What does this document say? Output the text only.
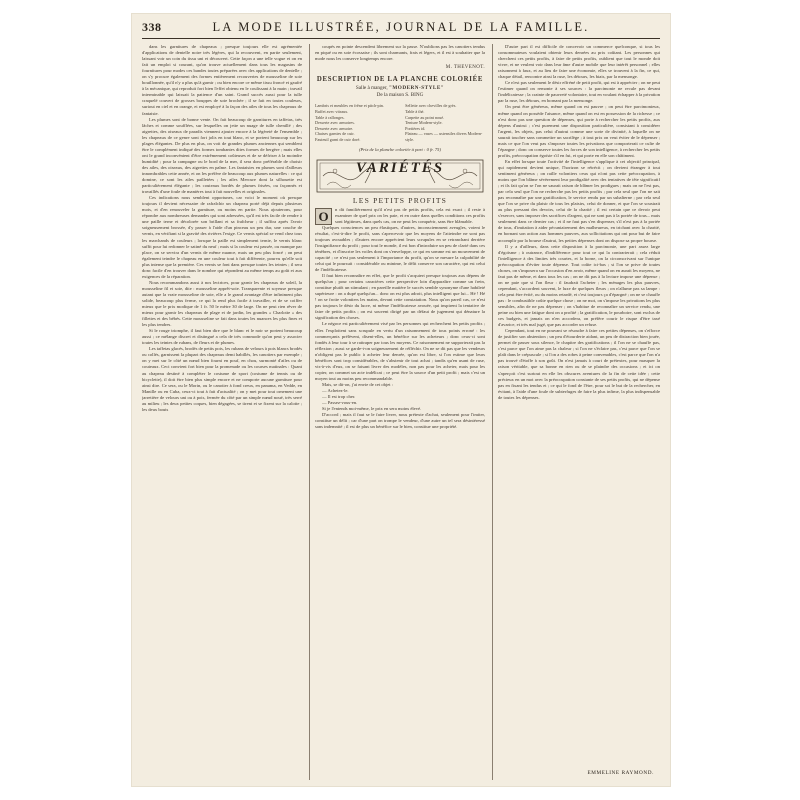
338	LA MODE ILLUSTRÉE, JOURNAL DE LA FAMILLE.

dans les garnitures de chapeaux ; presque toujours elle est agrémentée d'applications de dentelle noire très légères, qui la recouvrent, en partie seulement, laissant voir un coin du tissu uni et découvert. Cette façon a une telle vogue et on en fait un emploi si courant, qu'on trouve actuellement dans tous les magasins de fournitures pour modes ces bandes toutes préparées avec des applications de dentelle ; on s'y procure également des formes entièrement recouvertes de mousseline de soie bouillonnée, qu'il n'y a plus qu'à garnir ; ou bien encore ce même tissu froncé et gaufré à la mécanique, qui reproduit fort bien l'effet obtenu en le coulissant à la main ; travail interminable qui laissait la patience d'un saint. Grand succès aussi pour la tulle craquelé couvert de grosses bouppes de soie brochée ; il se fait en toutes couleurs, surtout en ciel et en orange, et est employé à la façon des ailes de tous les chapeaux de fantaisie.

Les plumes sont de bonne vente. On fait beaucoup de garnitures en taffetas, très lâches et comme soufflées, sur lesquelles on jette un nuage de tulle chenillé ; des aigrettes, des oiseaux de paradis viennent ajouter encore à la légèreté de l'ensemble ; les chapeaux de ce genre sont fort jolis en tout blanc, et se portent beaucoup sur les plages élégantes. De plus en plus, on voit de grandes plumes anciennes qui semblent être le complément indiqué des formes tombantes dites formes de bergère ; mais elles ont le grand inconvénient d'être extrêmement coûteuses et de se défriser à la moindre humidité ; pour la campagne ou le bord de la mer, il sera donc préférable de choisir des ailes, des oiseaux, des aigrettes en palme. Les fantaisies en plumes sont d'ailleurs innombrables cette année, et on les préfère de beaucoup aux plumes naturelles : ce qui domine, ce sont les ailes pailletées ; les ailes Mercure dont la silhouette est particulièrement élégante ; les couteaux bordés de plumes frisées, ou façonnés et travaillés d'une foule de manières tout à fait nouvelles et originales.

Ces indications nous semblent opportunes, car voici le moment où presque toujours il devient nécessaire de rafraîchir un chapeau porté déjà depuis plusieurs mois, et d'en renouveler la garniture, ou moins en partie. Nous ajouterons, pour répondre aux nombreuses demandes qui sont adressées, qu'il est très facile de rendre à une paille terne et décolorée son brillant et sa fraîcheur ; il suffira après l'avoir soigneusement brossée, d'y passer à l'aide d'un pinceau un peu dur, une couche de vernis, en vérifiant si la gravité des rivières l'exige. Ce vernis spécial se vend chez tous les marchands de couleurs ; lorsque la paille est simplement ternie, le vernis blanc suffit pour lui redonner le satiné du neuf ; mais si la couleur est passée, ou manque par place, on se servira d'un vernis de même nuance, mais un peu plus foncé ; on peut également teindre le chapeau en une couleur tout à fait différente, pourvu qu'elle soit plus intense que la première. Ces vernis se font dans presque toutes les teintes ; il sera donc facile d'en trouver dans le nombre qui répondent au même temps au goût et aux exigences de la réparation.

Nous recommandons aussi à nos lectrices, pour garnir les chapeaux de soleil, la mousseline fil et soie, dite : mousseline apprêt-soie. Transparente et soyeuse presque autant que la vraie mousseline de soie, elle a le grand avantage d'être infiniment plus solide, beaucoup plus ferme, ce qui la rend plus facile à travailler, et de se coiffer mieux que le prix modique de 1 fr. 50 le mètre 30 de large. On ne peut rien rêver de mieux pour garnir les chapeaux de plage et de jardin, les grandes « Charlotte » des fillettes et des bébés. Cette mousseline se fait dans toutes les nuances les plus fines et les plus tendres.

Si le rouge triomphe, il faut bien dire que le blanc et le noir se portent beaucoup aussi ; ce mélange discret et distingué a cela de très commode qu'on peut y associer toutes les teintes de rubans, de fleurs et de plumes.

Les taffetas glacés, brodés de petits pois, les rubans de velours à pois blancs brodés ou collés, garnissent la plupart des chapeaux demi habillés, les canotiers par exemple ; on y met sur le côté un nœud bien fourni en pouf, en chou, surmonté d'ailes ou de couteaux. Ceci convient fort bien pour la promenade ou les courses matinales : Quant au chapeau destiné à compléter le costume de sport (costume de tennis ou de bicyclette), il doit être bien plus simple encore et ne comporte aucune garniture pour ainsi dire. Ce sera, ou le Morin, ou le canotier à fond creux, en panama, en Vedde, en Manille ou en Cuba, ceux-ci tout à fait d'actualité ; on y met pour tout ornement une jarretière de velours uni ou à pois, fermée du côté par un simple nœud noué, très serré au milieu ; les deux petites coques, bien dégagées, se tirent et se fixent sur la calotte ; les deux bouts

coupés en pointe descendent librement sur la passe. N'oublions pas les canotiers tendus en piqué ou en soie écossaise ; ils sont charmants, frais et légers, et il est à souhaiter que la mode nous les conserve longtemps encore.

M. THEVENOT.
DESCRIPTION DE LA PLANCHE COLORIÉE
Salle à manger, "MODERN-STYLE"
De la maison S. BING
Lambris et meubles en frêne et pitch-pin.
Buffet avec vitraux.
Table à rallonges.
Desserte avec armoires.
Desserte avec armoire.
Chaises garnies de cuir.
Fauteuil garni de cuir doré.
Sellette avec chevilles de grès.
Table à thé.
Carpette au point noué.
Tenture Modern-style.
Portières id.
Plateau — vases — ustensiles divers Modern-style.
(Prix de la planche coloriée à part : 0 fr. 75)
VARIÉTÉS
LES PETITS PROFITS
O	n dit familièrement qu'il n'est pas de petits profits, cela est exact ; il reste à examiner de quel prix on les paie, et en outre dans quelles conditions ces profits sont légitimes, dans quels cas, on ne peut les conquérir, sans être blâmable.

Quelques consciences un peu élastiques, d'autres, inconsciemment aveugles, voient le résultat, c'est-à-dire le profit, sans s'apercevoir que les moyens de l'atteindre ne sont pas toujours avouables ; d'autres encore apprécient leurs scrupules en se retranchant derrière l'insignifiance du profit ; pour tout le monde, il est bon d'introduire un peu de clarté dans ces ténèbres, et d'inscrire les voiles dont on s'enveloppe, ce qui en somme est un mouvement de capacité ; ce n'est pas seulement à l'importance du profit, qu'on se mesure la culpabilité de celui qui le poursuit : considérable ou minime, le délit conserve son caractère, qui est celui de l'indélicatesse.

Il faut bien reconnaître en effet, que le profit s'acquiert presque toujours aux dépens de quelqu'un ; pour certains caractères cette perspective loin d'apparaître comme un frein, constitue plutôt un stimulant ; en pareille matière le succès semble synonyme d'une habileté supérieure : on a dupé quelqu'un... donc on est plus adroit, plus intelligent que lui... Hé ! Hé ! on se frotte volontiers les mains, devant cette constatation. Nous qu'on pareil cas, ce n'est pas toujours le désir du lucre, ni même l'indélicatesse avouée, qui inspirent la tentative de faire de petits profits ; on est souvent dirigé par un défaut de jugement qui dénature la signification des choses.

Le négoce est particulièrement visé par les personnes qui recherchent les petits profits ; elles l'exploitent sans scrupule en vertu d'un raisonnement de tous points erroné : les commerçants prélèvent, disent-elles, un bénéfice sur les acheteurs ; donc ceux-ci sont fondés à leur tour à se rattraper par tous les moyens. Ce raisonnement ne supporterait pas la réflexion ; aussi se garde-t-on soigneusement de réfléchir. On ne se dit pas que les vendeurs n'obligent pas le public à acheter leur denrée, qu'on est libre, si l'on estime que leurs bénéfices sont trop considérables, de s'abstenir de tout achat ; tandis qu'en usant de ruse, vis-à-vis d'eux, on se faisant livrer des modèles, non pas pour les acheter, mais pour les copier, on commet un acte indélicat ; ce peut être la source d'un petit profit ; mais c'est un moyen tout au moins peu recommandable.

Mais, se dit-on, j'ai envie de cet objet :

— Achetez-le.

— Il est trop cher.

— Passez-vous-en.

Si je l'entends moi-même, le prix en sera moins élevé.

D'accord ; mais il faut se le faire livrer, nous prétexte d'achat, seulement pour l'imiter, constitue un délit ; car d'une part on trompe le vendeur, d'une autre un tel sera désintéressé sans indemnité ; il est de plus un bénéfice sur le bien, constitue une propriété.

D'autre part il est difficile de concevoir un commerce quelconque, si tous les consommateurs voulaient obtenir leurs denrées au prix coûtant. Les personnes qui cherchent ces petits profits, à faire de petits profits, oublient que tout le monde doit vivre, et ne veulent voir dans leur âme d'autre mobile que leur intérêt personnel ; elles raisonnent à faux, et au lieu de faire une économie, elles se trouvent à la fin, ce qui, chaque détail, rencontre ainsi la ruse, les détours, les biais, par la mensonge.

Ce n'est pas seulement le désir effréné de petit profit, qui est à apprécier ; on ne peut l'estimer quand on remonte à ses sources : la parcimonie ne recule pas devant l'indélicatesse ; la crainte de pauvreté volontaire, tout en voulant échapper à la privation par la ruse, les détours, en bornant par la mensonge.

On peut être généreux, même quand on est pauvre ; on peut être parcimonieux, même quand on possède l'aisance, même quand on est en possession de la richesse ; ce n'est donc pas une question de dépenses, qui porte à rechercher les petits profits, aux dépens d'autrui ; c'est purement une disposition particulière, consistant à considérer l'argent, les objets, pas celui d'autrui comme une sorte de divinité, à laquelle on ne saurait toucher sans commettre un sacrilège ; à tout prix on veut éviter de le dépenser ; mais ce que l'on veut pas s'imposer toutes les privations que comporterait ce culte de l'épargne ; donc on conserve toutes les forces de son intelligence, à rechercher les petits profits, préoccupation égoïste s'il en fut, et qui porte en elle son châtiment.

En effet lorsque toute l'activité de l'intelligence s'applique à cet objectif principal, qui rapidement devient unique, l'horizon se rétrécit ; on devient étranger à tout sentiment généreux ; on raille volontiers ceux qui n'ont pas cette préoccupation, à moins que l'on blâme sévèrement leur prodigalité avec des tentatives de tête significatif ; et ils fait qu'on se l'on ne saurait raison de blâmer les prodigues ; mais on ne l'est pas, par cela seul que l'on ne recherche pas les petits profits ; par cela seul que l'on ne sait pas reconnaître par une gratification, le service rendu par un subalterne ; par cela seul que l'on se prive du plaisir de tous les plaisirs, celui de donner, et que l'on se soustrait au plus pressant des devoirs, celui de la charité ; il est certain que ce devoir peut s'exercer, sans imposer des sacrifices d'argent, qui ne sont pas à la portée de tous... mais seulement dans ce dernier cas ; et il ne faut pas s'en dispenser, s'il n'est pas à la portée de tous, d'imitation à aider pécuniairement des malheureux, en trichant avec la charité, en bornant son action aux hommes pauvres, aux sollicitations qui ont pour but de faire accomplir par la bourse d'autrui, les petites dépenses dont on dispose sa propre bourse.

Il y a d'ailleurs, dans cette disposition à la parcimonie, une part assez large d'égoïsme ; à outrance, d'indifférence pour tout ce qui la contrarierait ; cela réduit l'intelligence à des limites très courtes, et la borne, on la circonscrivant sur l'unique préoccupation d'éviter toute dépense. Tout coûte ici-bas ; si l'on se prive de toutes choses, on s'imposera sur l'occasion d'en avoir, même quand on en aurait les moyens, ne faut pas de même, et dans tous les cas ; on ne dit pas à la lecture impose une dépense ; on ne paie que si l'on fleur : il faudrait l'acheter ; les ménages les plus pauvres, cependant, s'accordent souvent, le luxe de quelques fleurs ; on n'allume pas sa lampe : cela peut être évité, ou du moins retardé, et c'est toujours ça d'épargné ; on ne se chauffe pas : le combustible coûte quelque chose ; on ne mot, on s'impose les privations les plus sensibles, afin de ne pas dépenser ; on s'habitue de reconnaître un service rendu, une peine ou bien une fatigue dont on a profité ; la gratification, le pourboire, sont exclus de ces budgets, et jamais on n'en accordera, on préfère courir le risque d'être taxé d'avarice, et très mal jugé, que pas accorder un refuse.

Cependant, tout en ne pouvant se résoudre à faire ces petites dépenses, on s'efforce de justifier son abstention ; un peu d'étourderie aidant, un peu de distraction bien jouée, permet de passer sous silence, le chapitre des gratifications ; il l'on ne se chauffe pas, c'est parce que l'on aime pas la chaleur ; si l'on ne s'éclaire pas, c'est parce que l'on se plaît dans le crépuscule ; si l'on a des robes à peine convenables, c'est parce que l'on n'a pas trouvé d'étoffe à son goût. On n'est jamais à court de prétextes, pour masquer la raison véritable, que sa bonne en rien ou de se plaindre des occasions ; et ici on s'aperçoit c'est surtout en elle les obscures aventures de la fin de cette idée ; cette précieux en un mot avec la préoccupation constante de ses petits profits, qui ne dépense pas en fixant les tendus et ; ce qui le fond de l'être, pour soi le but de la rechercher, en évitant, à l'aide d'une foule de subterfuges de faire la plus infime, la plus indispensable de toutes les dépenses.

EMMELINE RAYMOND.
